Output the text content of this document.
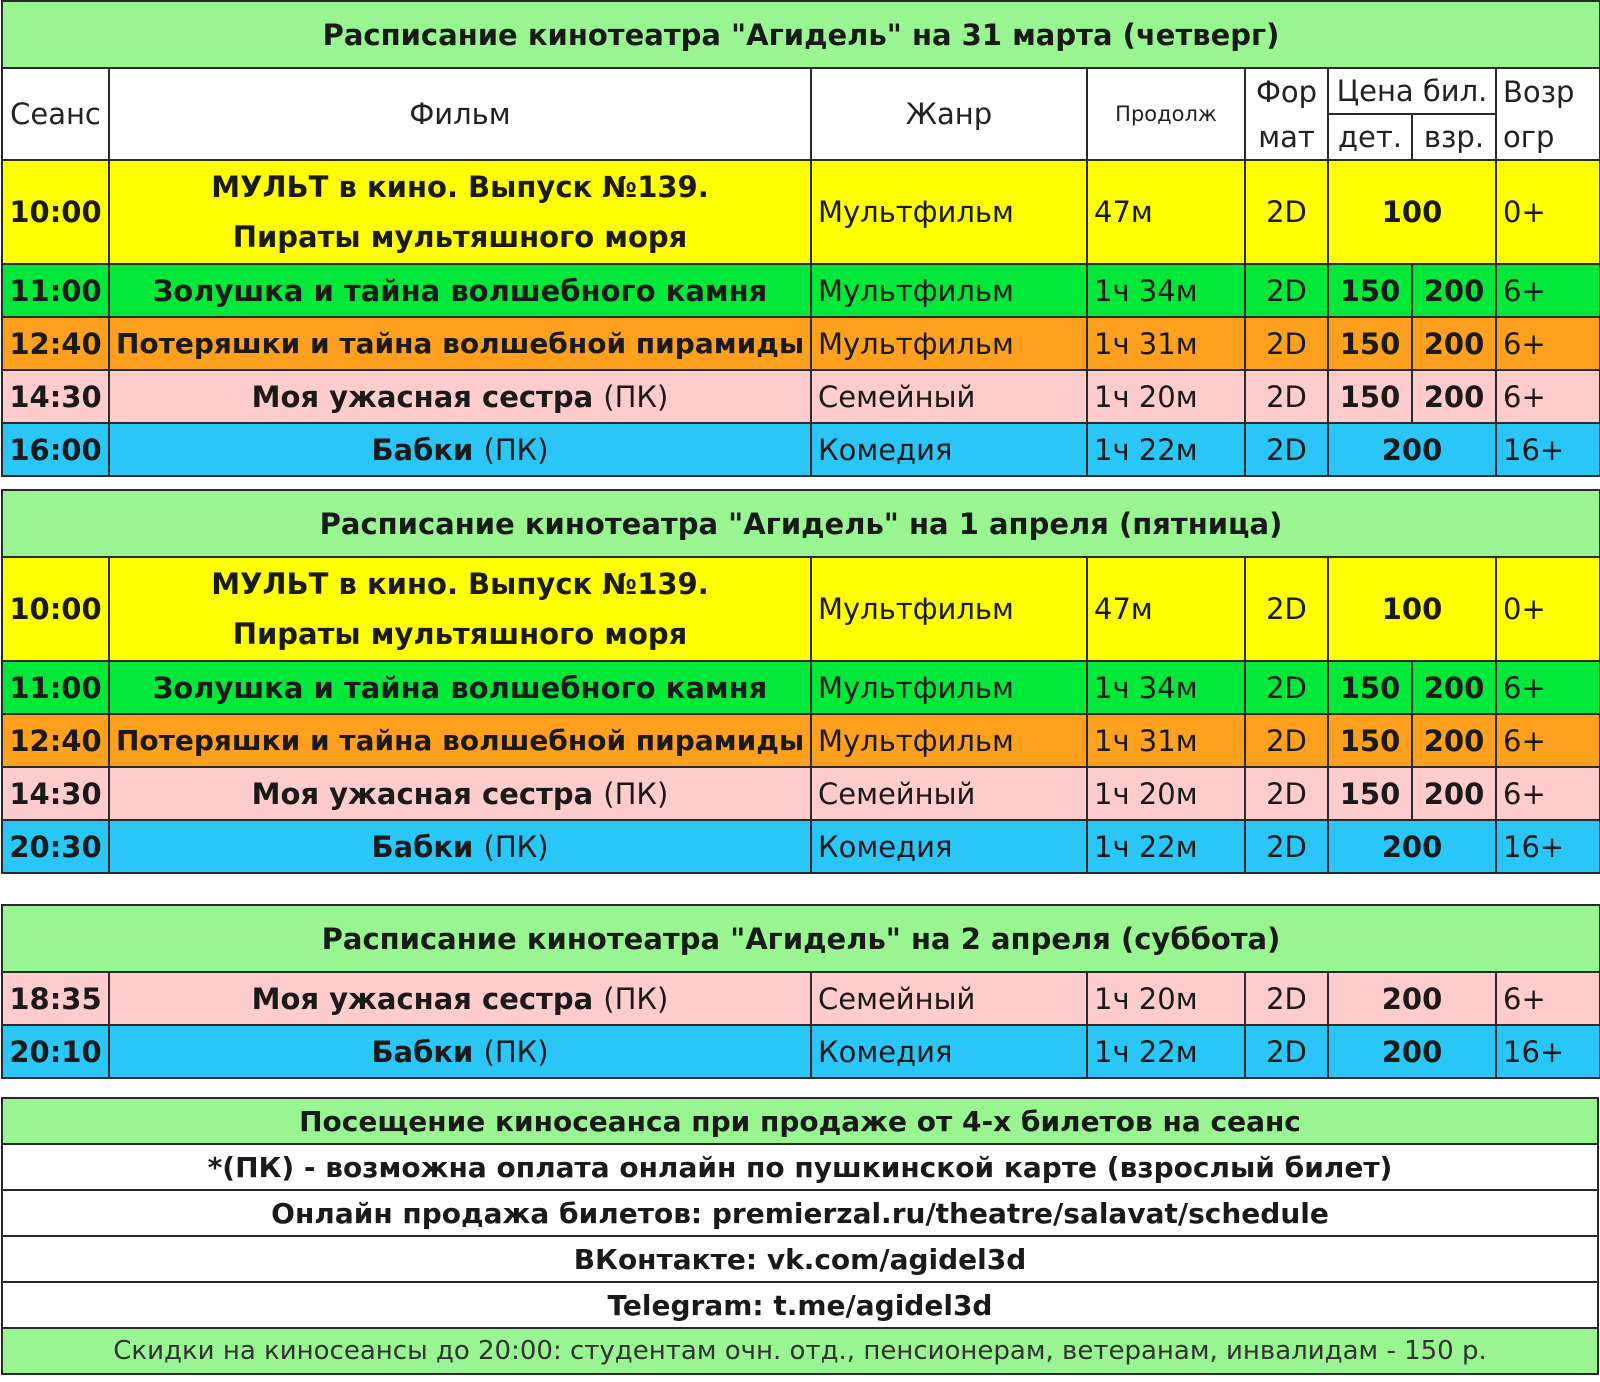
Расписание кинотеатра "Агидель" на 31 марта (четверг)							
Сеанс	Фильм	Жанр	Продолж	Фор	Цена бил.		Возр
				мат	дет.	взр.	огр
10:00	МУЛЬТ в кино. Выпуск №139.
Пираты мультяшного моря	Мультфильм	47м	2D	100		0+
11:00	Золушка и тайна волшебного камня	Мультфильм	1ч 34м	2D	150	200	6+
12:40	Потеряшки и тайна волшебной пирамиды	Мультфильм	1ч 31м	2D	150	200	6+
14:30	Моя ужасная сестра (ПК)	Семейный	1ч 20м	2D	150	200	6+
16:00	Бабки (ПК)	Комедия	1ч 22м	2D	200		16+
Расписание кинотеатра "Агидель" на 1 апреля (пятница)							
10:00	МУЛЬТ в кино. Выпуск №139.
Пираты мультяшного моря	Мультфильм	47м	2D	100		0+
11:00	Золушка и тайна волшебного камня	Мультфильм	1ч 34м	2D	150	200	6+
12:40	Потеряшки и тайна волшебной пирамиды	Мультфильм	1ч 31м	2D	150	200	6+
14:30	Моя ужасная сестра (ПК)	Семейный	1ч 20м	2D	150	200	6+
20:30	Бабки (ПК)	Комедия	1ч 22м	2D	200		16+
Расписание кинотеатра "Агидель" на 2 апреля (суббота)						
18:35	Моя ужасная сестра (ПК)	Семейный	1ч 20м	2D	200	6+
20:10	Бабки (ПК)	Комедия	1ч 22м	2D	200	16+
Посещение киносеанса при продаже от 4-х билетов на сеанс
*(ПК) - возможна оплата онлайн по пушкинской карте (взрослый билет)
Онлайн продажа билетов: premierzal.ru/theatre/salavat/schedule
ВКонтакте: vk.com/agidel3d
Telegram: t.me/agidel3d
Скидки на киносеансы до 20:00: студентам очн. отд., пенсионерам, ветеранам, инвалидам - 150 р.
